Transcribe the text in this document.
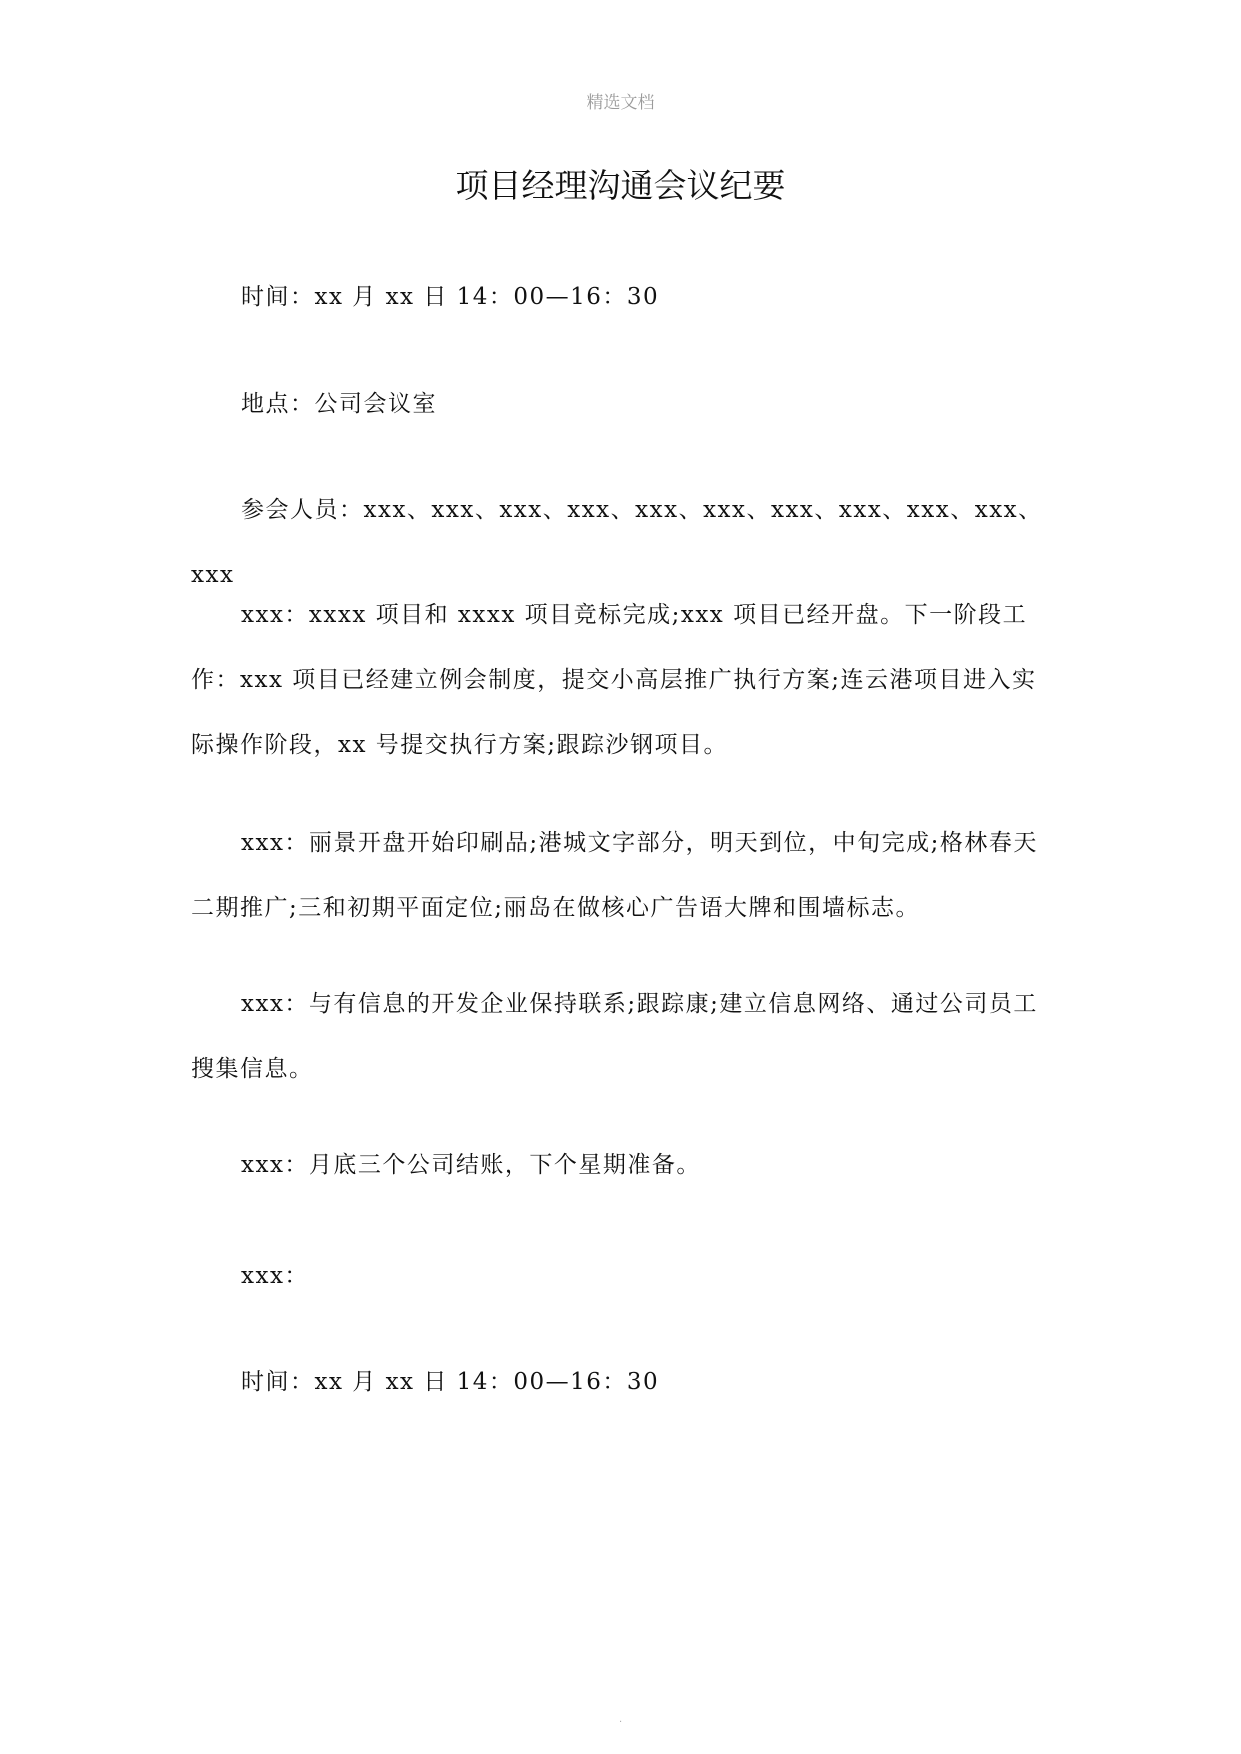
精选文档
项目经理沟通会议纪要

时间：xx 月 xx 日 14：00—16：30

地点：公司会议室

参会人员：xxx、xxx、xxx、xxx、xxx、xxx、xxx、xxx、xxx、xxx、xxx

xxx：xxxx 项目和 xxxx 项目竞标完成;xxx 项目已经开盘。下一阶段工作：xxx 项目已经建立例会制度，提交小高层推广执行方案;连云港项目进入实际操作阶段，xx 号提交执行方案;跟踪沙钢项目。

xxx：丽景开盘开始印刷品;港城文字部分，明天到位，中旬完成;格林春天二期推广;三和初期平面定位;丽岛在做核心广告语大牌和围墙标志。

xxx：与有信息的开发企业保持联系;跟踪康;建立信息网络、通过公司员工搜集信息。

xxx：月底三个公司结账，下个星期准备。

xxx：

时间：xx 月 xx 日 14：00—16：30

.
